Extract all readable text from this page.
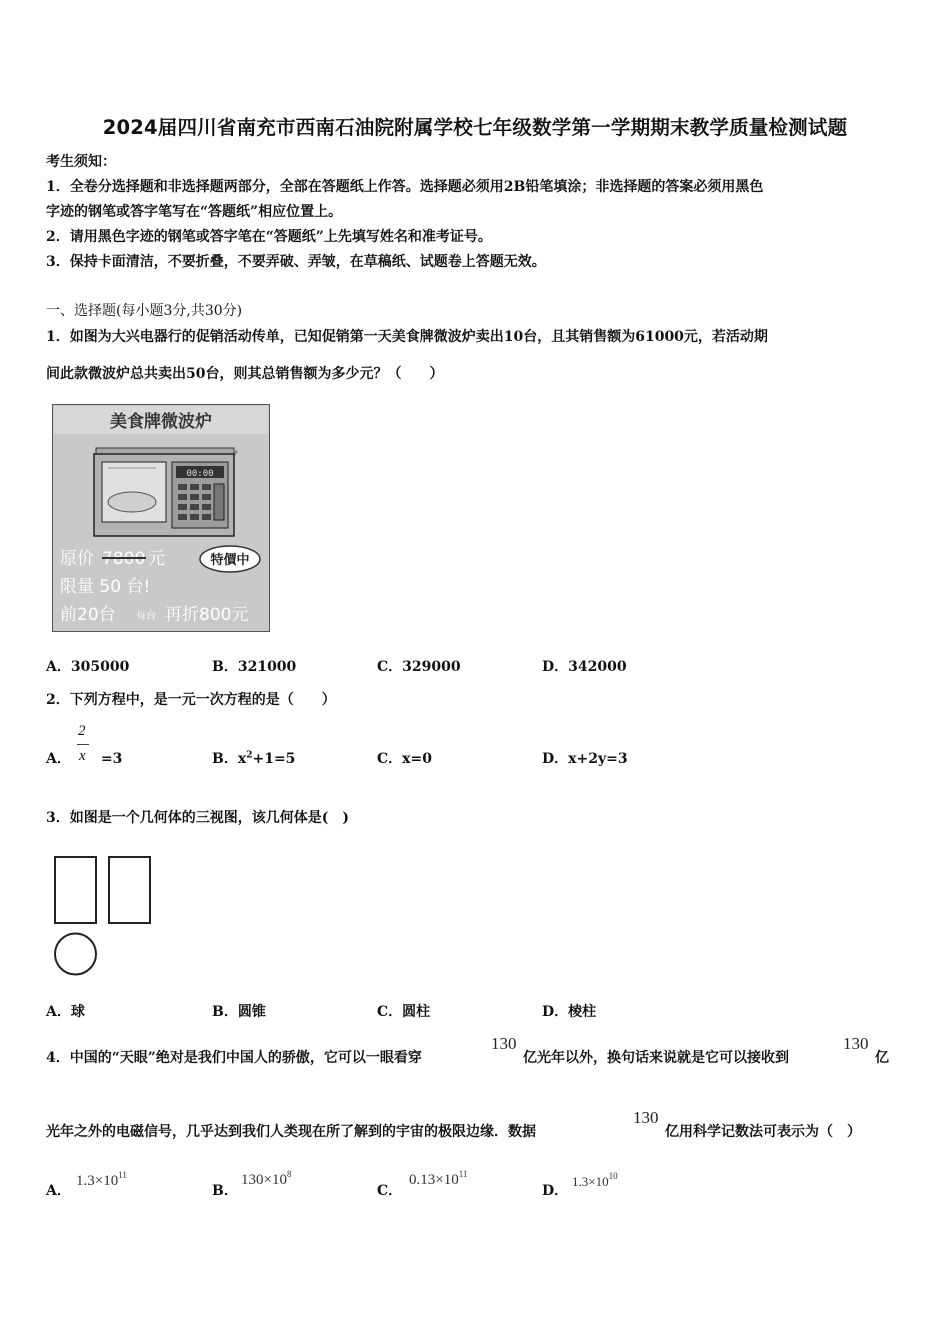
2024届四川省南充市西南石油院附属学校七年级数学第一学期期末教学质量检测试题
考生须知：
1．全卷分选择题和非选择题两部分，全部在答题纸上作答。选择题必须用2B铅笔填涂；非选择题的答案必须用黑色
字迹的钢笔或答字笔写在“答题纸”相应位置上。
2．请用黑色字迹的钢笔或答字笔在“答题纸”上先填写姓名和准考证号。
3．保持卡面清洁，不要折叠，不要弄破、弄皱，在草稿纸、试题卷上答题无效。
一、选择题(每小题3分,共30分)
1．如图为大兴电器行的促销活动传单，已知促销第一天美食牌微波炉卖出10台，且其销售额为61000元，若活动期
间此款微波炉总共卖出50台，则其总销售额为多少元？（　　）
美食牌微波炉
00:00
原价 7800 元	特價中
限量 50 台!
前20台 每台 再折800元
A．305000	B．321000	C．329000	D．342000
2．下列方程中，是一元一次方程的是（　　）
A． =3
2
x	B．$x^2+1=5$	C．x=0	D．x+2y=3
3．如图是一个几何体的三视图，该几何体是(　)
A．球	B．圆锥	C．圆柱	D．棱柱
4．中国的“天眼”绝对是我们中国人的骄傲，它可以一眼看穿
130
亿光年以外，换句话来说就是它可以接收到
130
亿
光年之外的电磁信号，几乎达到我们人类现在所了解到的宇宙的极限边缘．数据
130
亿用科学记数法可表示为（　）
A．
$1.3\times 10^{11}$
B．
$130\times 10^8$
C．
$0.13\times 10^{11}$
D．
$1.3\times 10^{10}$
